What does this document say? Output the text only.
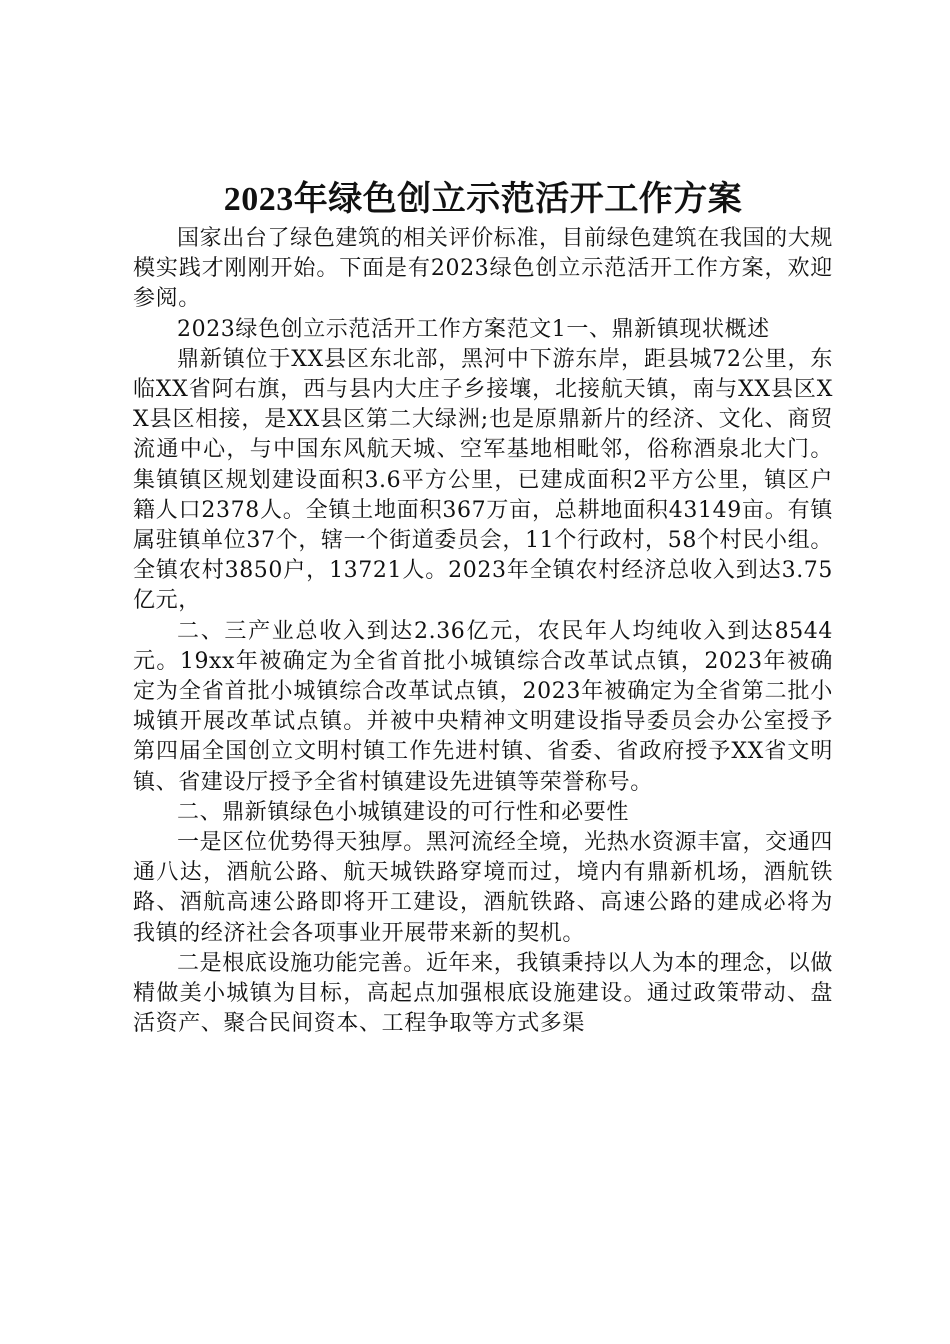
2023年绿色创立示范活开工作方案

国家出台了绿色建筑的相关评价标准，目前绿色建筑在我国的大规模实践才刚刚开始。下面是有2023绿色创立示范活开工作方案，欢迎参阅。

2023绿色创立示范活开工作方案范文1一、鼎新镇现状概述

鼎新镇位于XX县区东北部，黑河中下游东岸，距县城72公里，东临XX省阿右旗，西与县内大庄子乡接壤，北接航天镇，南与XX县区XX县区相接，是XX县区第二大绿洲;也是原鼎新片的经济、文化、商贸流通中心，与中国东风航天城、空军基地相毗邻，俗称酒泉北大门。集镇镇区规划建设面积3.6平方公里，已建成面积2平方公里，镇区户籍人口2378人。全镇土地面积367万亩，总耕地面积43149亩。有镇属驻镇单位37个，辖一个街道委员会，11个行政村，58个村民小组。全镇农村3850户，13721人。2023年全镇农村经济总收入到达3.75亿元，

二、三产业总收入到达2.36亿元，农民年人均纯收入到达8544元。19xx年被确定为全省首批小城镇综合改革试点镇，2023年被确定为全省首批小城镇综合改革试点镇，2023年被确定为全省第二批小城镇开展改革试点镇。并被中央精神文明建设指导委员会办公室授予第四届全国创立文明村镇工作先进村镇、省委、省政府授予XX省文明镇、省建设厅授予全省村镇建设先进镇等荣誉称号。

二、鼎新镇绿色小城镇建设的可行性和必要性

一是区位优势得天独厚。黑河流经全境，光热水资源丰富，交通四通八达，酒航公路、航天城铁路穿境而过，境内有鼎新机场，酒航铁路、酒航高速公路即将开工建设，酒航铁路、高速公路的建成必将为我镇的经济社会各项事业开展带来新的契机。

二是根底设施功能完善。近年来，我镇秉持以人为本的理念，以做精做美小城镇为目标，高起点加强根底设施建设。通过政策带动、盘活资产、聚合民间资本、工程争取等方式多渠
